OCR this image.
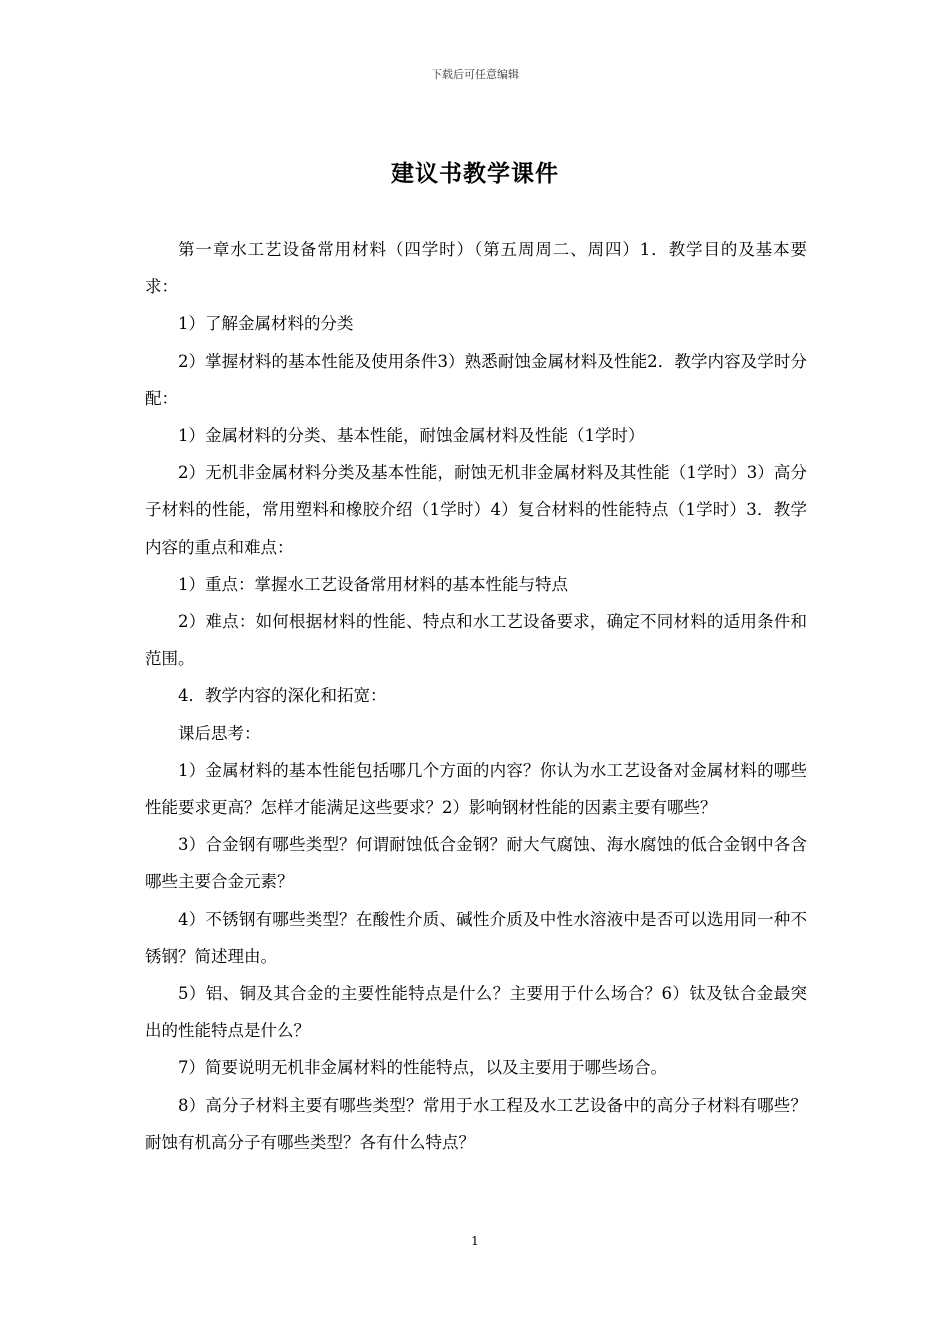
下载后可任意编辑
建议书教学课件

第一章水工艺设备常用材料（四学时）（第五周周二、周四）1．教学目的及基本要求：

1）了解金属材料的分类

2）掌握材料的基本性能及使用条件3）熟悉耐蚀金属材料及性能2．教学内容及学时分配：

1）金属材料的分类、基本性能，耐蚀金属材料及性能（1学时）

2）无机非金属材料分类及基本性能，耐蚀无机非金属材料及其性能（1学时）3）高分子材料的性能，常用塑料和橡胶介绍（1学时）4）复合材料的性能特点（1学时）3．教学内容的重点和难点：

1）重点：掌握水工艺设备常用材料的基本性能与特点

2）难点：如何根据材料的性能、特点和水工艺设备要求，确定不同材料的适用条件和范围。

4．教学内容的深化和拓宽：

课后思考：

1）金属材料的基本性能包括哪几个方面的内容？你认为水工艺设备对金属材料的哪些性能要求更高？怎样才能满足这些要求？2）影响钢材性能的因素主要有哪些？

3）合金钢有哪些类型？何谓耐蚀低合金钢？耐大气腐蚀、海水腐蚀的低合金钢中各含哪些主要合金元素？

4）不锈钢有哪些类型？在酸性介质、碱性介质及中性水溶液中是否可以选用同一种不锈钢？简述理由。

5）铝、铜及其合金的主要性能特点是什么？主要用于什么场合？6）钛及钛合金最突出的性能特点是什么？

7）简要说明无机非金属材料的性能特点，以及主要用于哪些场合。

8）高分子材料主要有哪些类型？常用于水工程及水工艺设备中的高分子材料有哪些？耐蚀有机高分子有哪些类型？各有什么特点？

1
